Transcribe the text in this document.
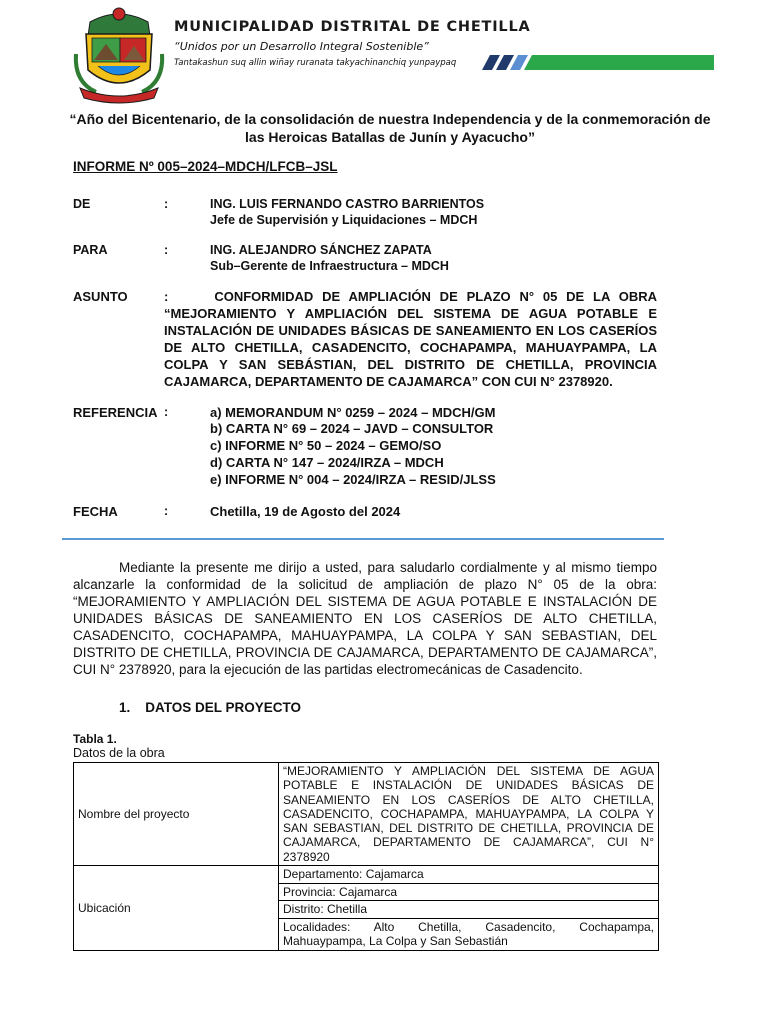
MUNICIPALIDAD DISTRITAL DE CHETILLA
“Unidos por un Desarrollo Integral Sostenible”
Tantakashun suq allin wiñay ruranata takyachinanchiq yunpaypaq
“Año del Bicentenario, de la consolidación de nuestra Independencia y de la conmemoración de las Heroicas Batallas de Junín y Ayacucho”
INFORME Nº 005–2024–MDCH/LFCB–JSL
DE	:	ING. LUIS FERNANDO CASTRO BARRIENTOS
Jefe de Supervisión y Liquidaciones – MDCH
PARA	:	ING. ALEJANDRO SÁNCHEZ ZAPATA
Sub–Gerente de Infraestructura – MDCH
ASUNTO	:	CONFORMIDAD DE AMPLIACIÓN DE PLAZO N° 05 DE LA OBRA “MEJORAMIENTO Y AMPLIACIÓN DEL SISTEMA DE AGUA POTABLE E INSTALACIÓN DE UNIDADES BÁSICAS DE SANEAMIENTO EN LOS CASERÍOS DE ALTO CHETILLA, CASADENCITO, COCHAPAMPA, MAHUAYPAMPA, LA COLPA Y SAN SEBÁSTIAN, DEL DISTRITO DE CHETILLA, PROVINCIA CAJAMARCA, DEPARTAMENTO DE CAJAMARCA” CON CUI N° 2378920.
REFERENCIA :	a) MEMORANDUM N° 0259 – 2024 – MDCH/GM
b) CARTA N° 69 – 2024 – JAVD – CONSULTOR
c) INFORME N° 50 – 2024 – GEMO/SO
d) CARTA N° 147 – 2024/IRZA – MDCH
e) INFORME N° 004 – 2024/IRZA – RESID/JLSS
FECHA	:	Chetilla, 19 de Agosto del 2024
Mediante la presente me dirijo a usted, para saludarlo cordialmente y al mismo tiempo alcanzarle la conformidad de la solicitud de ampliación de plazo N° 05 de la obra: “MEJORAMIENTO Y AMPLIACIÓN DEL SISTEMA DE AGUA POTABLE E INSTALACIÓN DE UNIDADES BÁSICAS DE SANEAMIENTO EN LOS CASERÍOS DE ALTO CHETILLA, CASADENCITO, COCHAPAMPA, MAHUAYPAMPA, LA COLPA Y SAN SEBASTIAN, DEL DISTRITO DE CHETILLA, PROVINCIA DE CAJAMARCA, DEPARTAMENTO DE CAJAMARCA”, CUI N° 2378920, para la ejecución de las partidas electromecánicas de Casadencito.
1.    DATOS DEL PROYECTO
Tabla 1.
Datos de la obra
Nombre del proyecto	“MEJORAMIENTO Y AMPLIACIÓN DEL SISTEMA DE AGUA POTABLE E INSTALACIÓN DE UNIDADES BÁSICAS DE SANEAMIENTO EN LOS CASERÍOS DE ALTO CHETILLA, CASADENCITO, COCHAPAMPA, MAHUAYPAMPA, LA COLPA Y SAN SEBASTIAN, DEL DISTRITO DE CHETILLA, PROVINCIA DE CAJAMARCA, DEPARTAMENTO DE CAJAMARCA”, CUI N° 2378920
Ubicación	Departamento: Cajamarca
	Provincia: Cajamarca
	Distrito: Chetilla
	Localidades: Alto Chetilla, Casadencito, Cochapampa, Mahuaypampa, La Colpa y San Sebastián
